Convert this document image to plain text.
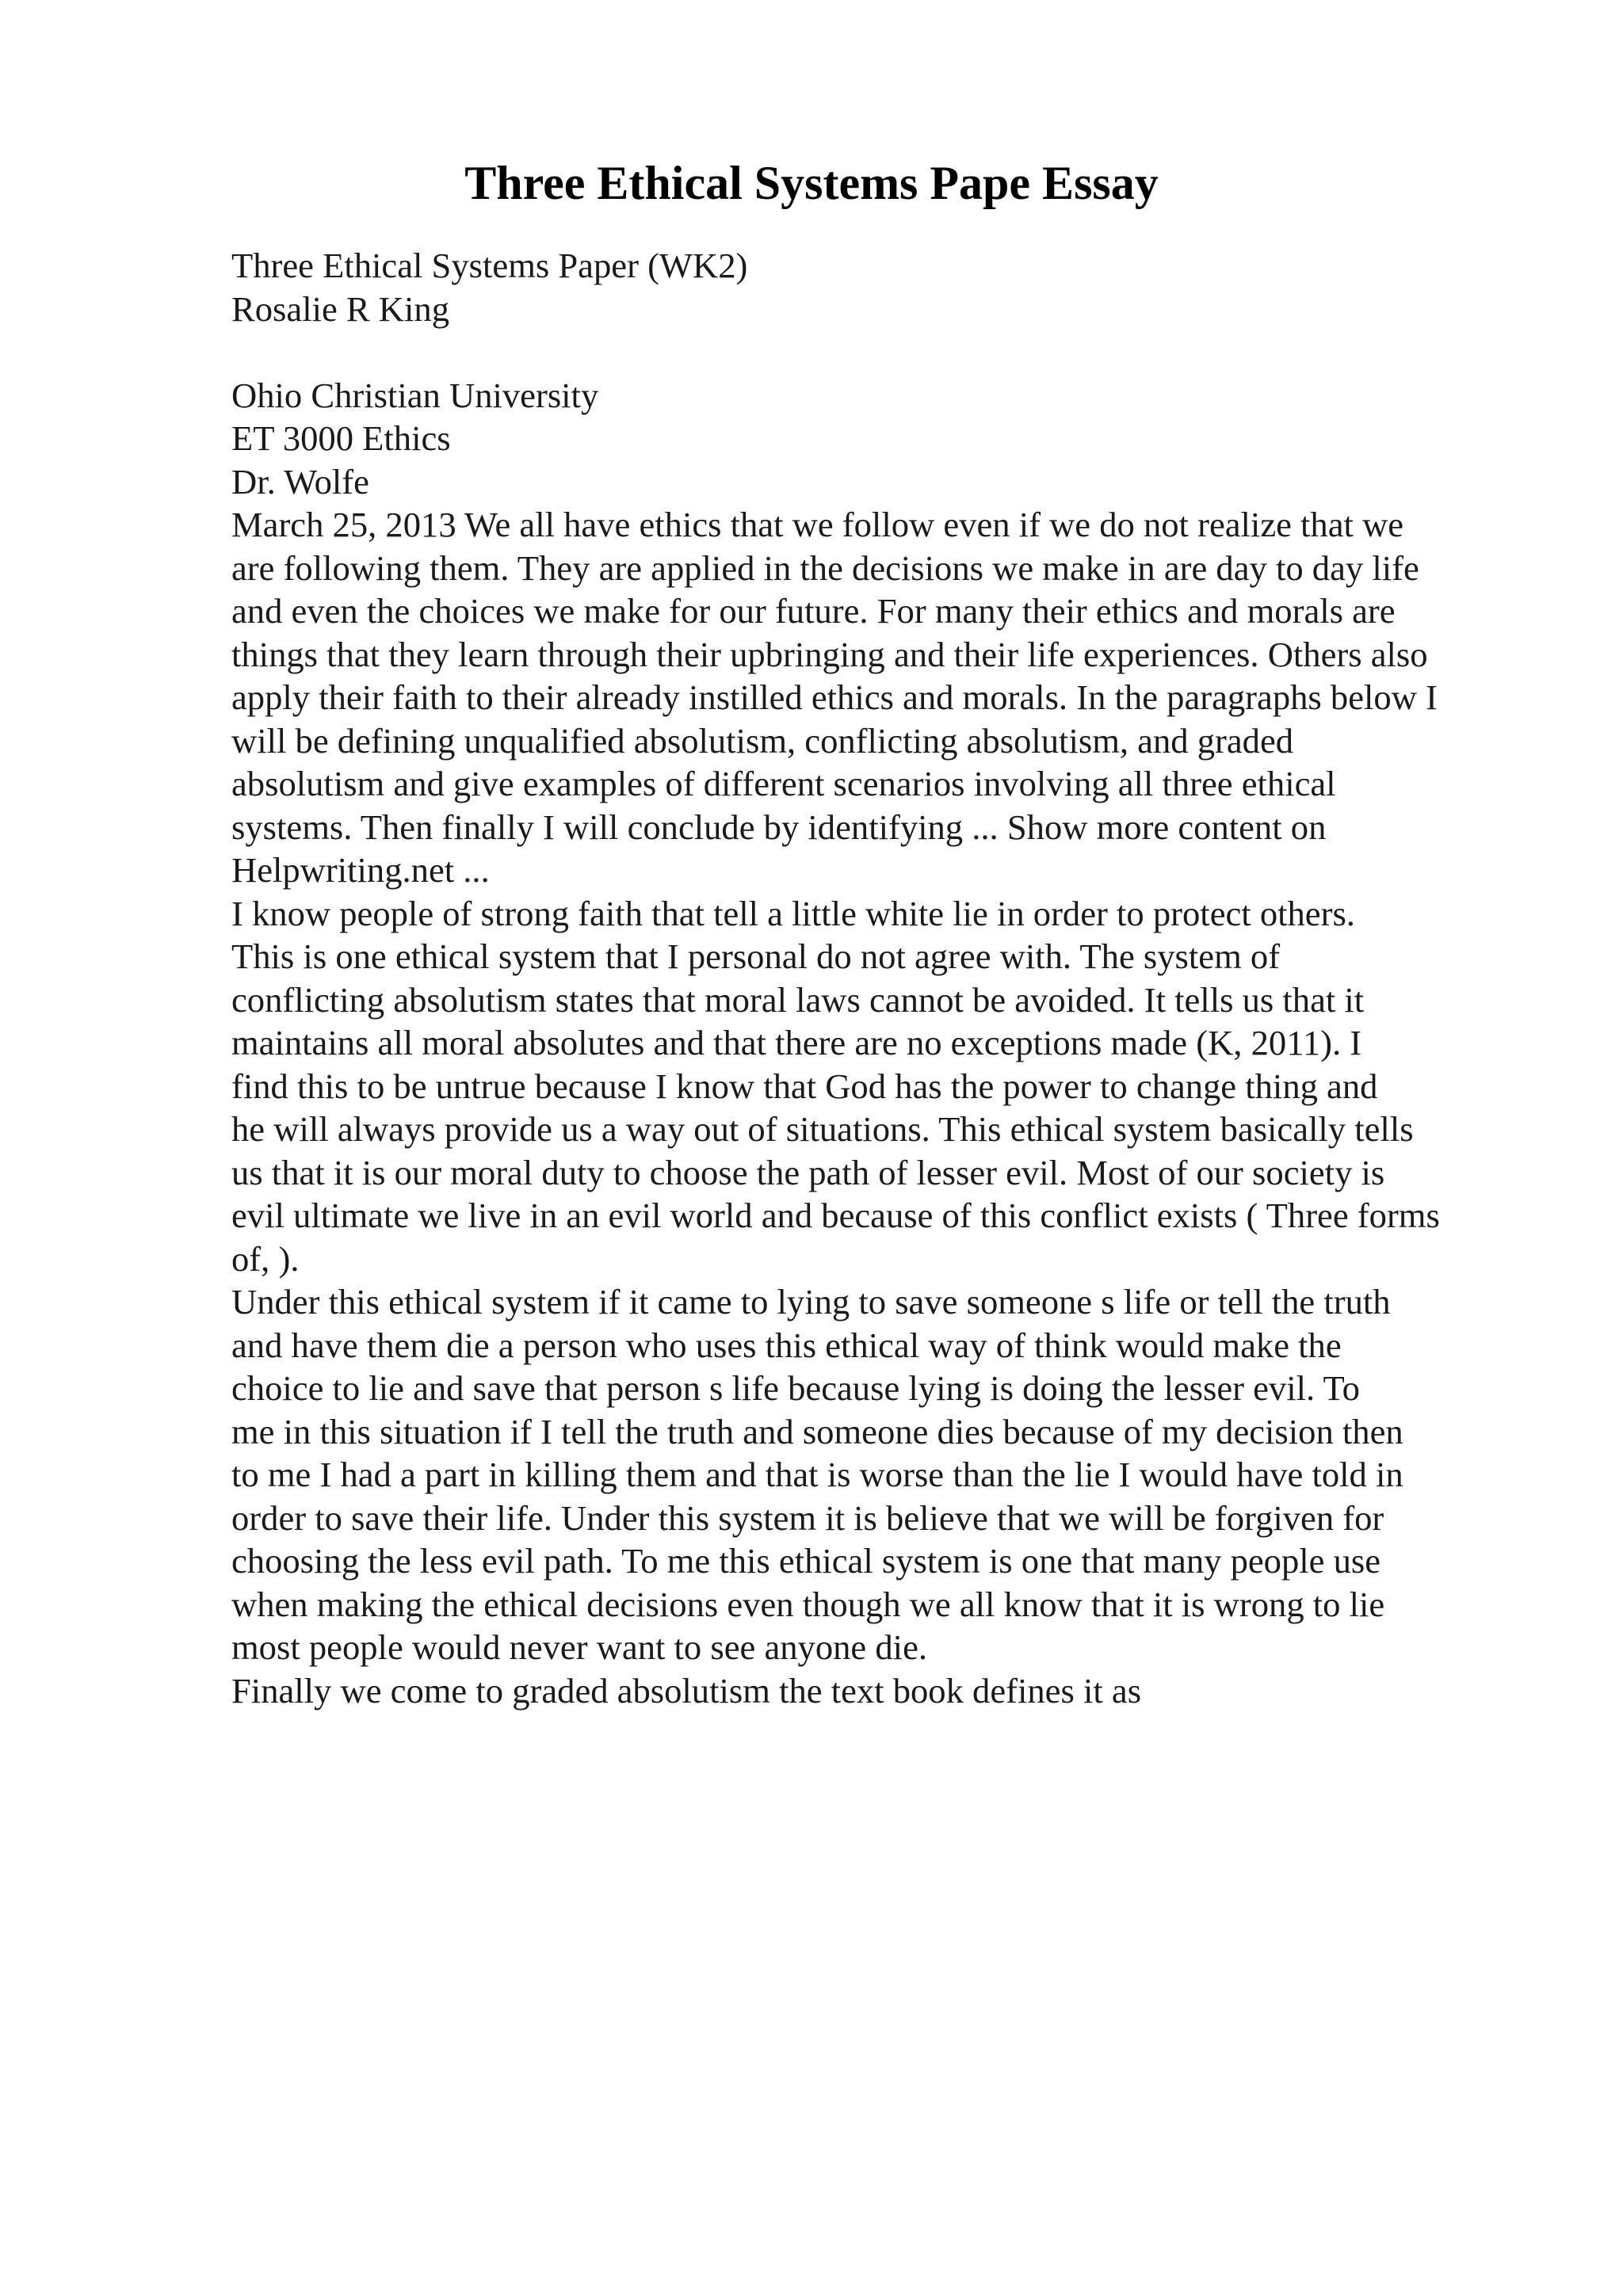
Three Ethical Systems Pape Essay
Three Ethical Systems Paper (WK2)
Rosalie R King
Ohio Christian University
ET 3000 Ethics
Dr. Wolfe
March 25, 2013 We all have ethics that we follow even if we do not realize that we
are following them. They are applied in the decisions we make in are day to day life
and even the choices we make for our future. For many their ethics and morals are
things that they learn through their upbringing and their life experiences. Others also
apply their faith to their already instilled ethics and morals. In the paragraphs below I
will be defining unqualified absolutism, conflicting absolutism, and graded
absolutism and give examples of different scenarios involving all three ethical
systems. Then finally I will conclude by identifying ... Show more content on
Helpwriting.net ...
I know people of strong faith that tell a little white lie in order to protect others.
This is one ethical system that I personal do not agree with. The system of
conflicting absolutism states that moral laws cannot be avoided. It tells us that it
maintains all moral absolutes and that there are no exceptions made (K, 2011). I
find this to be untrue because I know that God has the power to change thing and
he will always provide us a way out of situations. This ethical system basically tells
us that it is our moral duty to choose the path of lesser evil. Most of our society is
evil ultimate we live in an evil world and because of this conflict exists ( Three forms
of, ).
Under this ethical system if it came to lying to save someone s life or tell the truth
and have them die a person who uses this ethical way of think would make the
choice to lie and save that person s life because lying is doing the lesser evil. To
me in this situation if I tell the truth and someone dies because of my decision then
to me I had a part in killing them and that is worse than the lie I would have told in
order to save their life. Under this system it is believe that we will be forgiven for
choosing the less evil path. To me this ethical system is one that many people use
when making the ethical decisions even though we all know that it is wrong to lie
most people would never want to see anyone die.
Finally we come to graded absolutism the text book defines it as
